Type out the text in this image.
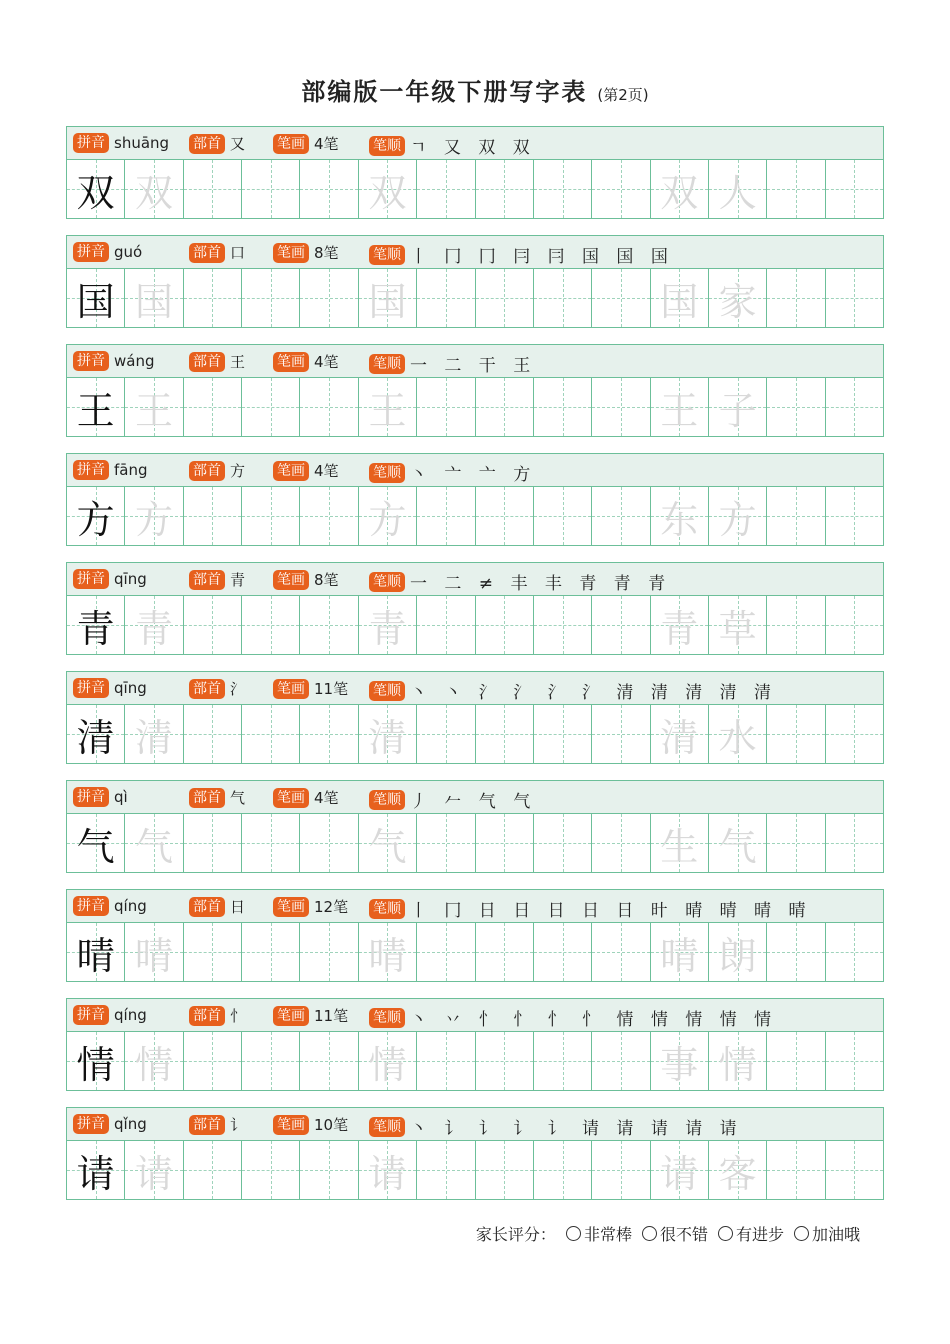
部编版一年级下册写字表 (第2页)
拼音 shuāng 部首 又 笔画 4笔 笔顺 ㄱ 又 双 双
双 双	双	双 人
拼音 guó	部首 口 笔画 8笔 笔顺 丨 冂 冂 冃 冃 国 国 国
国 国	国	国 家
拼音 wáng	部首 王 笔画 4笔 笔顺 一 二 干 王
王 王	王	王 子
拼音 fāng	部首 方 笔画 4笔 笔顺 丶 亠 亠 方
方 方	方	东 方
拼音 qīng	部首 青 笔画 8笔 笔顺 一 二 ≠ 丰 丰 青 青 青
青 青	青	青 草
拼音 qīng	部首 氵 笔画 11笔 笔顺 丶 丶 氵 氵 氵 氵 清 清 清 清 清
清 清	清	清 水
拼音 qì	部首 气 笔画 4笔 笔顺 丿 𠂉 气 气
气 气	气	生 气
拼音 qíng	部首 日 笔画 12笔 笔顺 丨 冂 日 日 日 日 日 旪 晴 晴 晴 晴
晴 晴	晴	晴 朗
拼音 qíng	部首 忄 笔画 11笔 笔顺 丶 丷 忄 忄 忄 忄 情 情 情 情 情
情 情	情	事 情
拼音 qǐng	部首 讠 笔画 10笔 笔顺 丶 讠 讠 讠 讠 请 请 请 请 请
请 请	请	请 客
家长评分： 非常棒 很不错 有进步 加油哦
